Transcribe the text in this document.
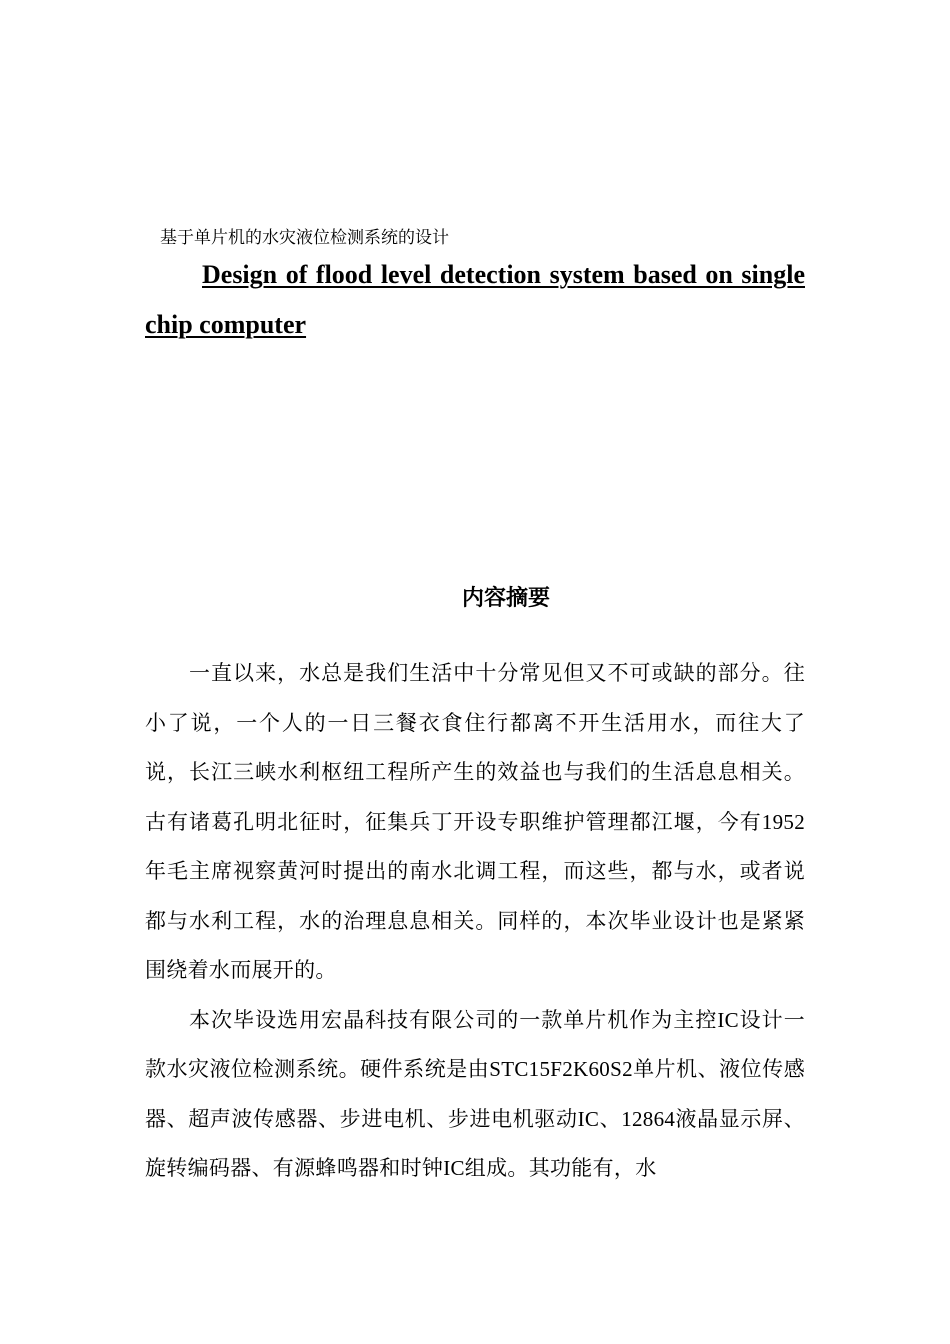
基于单片机的水灾液位检测系统的设计
Design of flood level detection system based on single chip computer
内容摘要

一直以来，水总是我们生活中十分常见但又不可或缺的部分。往小了说，一个人的一日三餐衣食住行都离不开生活用水，而往大了说，长江三峡水利枢纽工程所产生的效益也与我们的生活息息相关。古有诸葛孔明北征时，征集兵丁开设专职维护管理都江堰，今有1952年毛主席视察黄河时提出的南水北调工程，而这些，都与水，或者说都与水利工程，水的治理息息相关。同样的，本次毕业设计也是紧紧围绕着水而展开的。

本次毕设选用宏晶科技有限公司的一款单片机作为主控IC设计一款水灾液位检测系统。硬件系统是由STC15F2K60S2单片机、液位传感器、超声波传感器、步进电机、步进电机驱动IC、12864液晶显示屏、旋转编码器、有源蜂鸣器和时钟IC组成。其功能有，水
